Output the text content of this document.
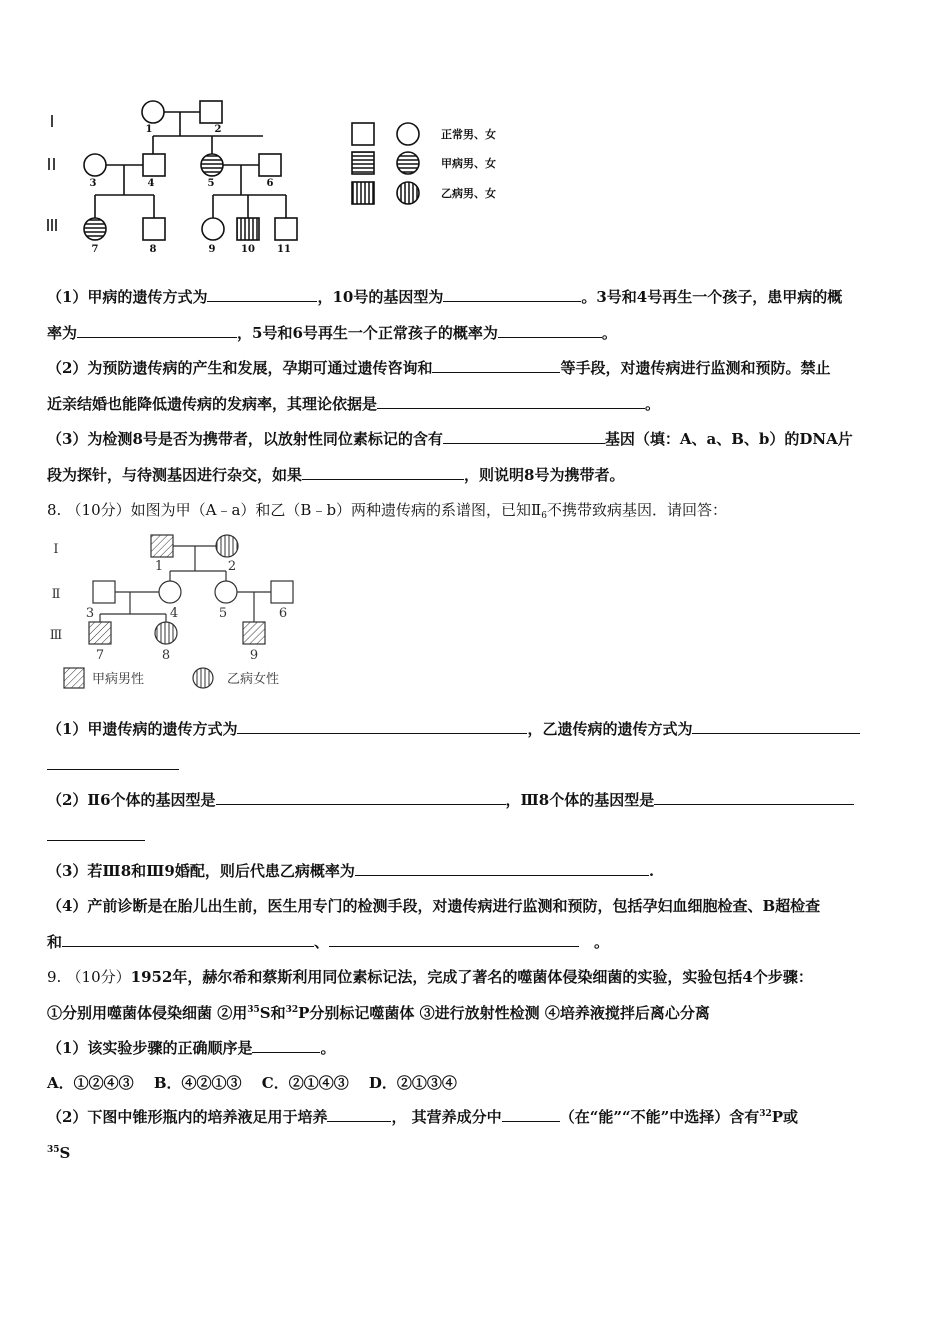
1	2
3	4	5	6
7	8	9	10 11
正常男、女
甲病男、女
乙病男、女
（1）甲病的遗传方式为	，10号的基因型为	。3号和4号再生一个孩子，患甲病的概
率为	，5号和6号再生一个正常孩子的概率为	。
（2）为预防遗传病的产生和发展，孕期可通过遗传咨询和	等手段，对遗传病进行监测和预防。禁止
近亲结婚也能降低遗传病的发病率，其理论依据是	。
（3）为检测8号是否为携带者，以放射性同位素标记的含有	基因（填：A、a、B、b）的DNA片
段为探针，与待测基因进行杂交，如果	，则说明8号为携带者。
8. （10分）如图为甲（A﹣a）和乙（B﹣b）两种遗传病的系谱图，已知$Ⅱ_6$不携带致病基因．请回答：
Ⅰ
Ⅱ
Ⅲ
1	2
3	4	5	6
7	8	9
甲病男性	乙病女性
（1）甲遗传病的遗传方式为	，乙遗传病的遗传方式为
（2）Ⅱ6个体的基因型是	，Ⅲ8个体的基因型是
（3）若Ⅲ8和Ⅲ9婚配，则后代患乙病概率为	.
（4）产前诊断是在胎儿出生前，医生用专门的检测手段，对遗传病进行监测和预防，包括孕妇血细胞检查、B超检查
和	、　	。
9. （10分）1952年，赫尔希和蔡斯利用同位素标记法，完成了著名的噬菌体侵染细菌的实验，实验包括4个步骤：
①分别用噬菌体侵染细菌 ②用$^{35}$S和$^{32}$P分别标记噬菌体 ③进行放射性检测 ④培养液搅拌后离心分离
（1）该实验步骤的正确顺序是	。
A．①②④③　 B．④②①③　 C．②①④③　 D．②①③④
（2）下图中锥形瓶内的培养液足用于培养	， 其营养成分中	（在“能”“不能”中选择）含有$^{32}$P或
$^{35}$S
